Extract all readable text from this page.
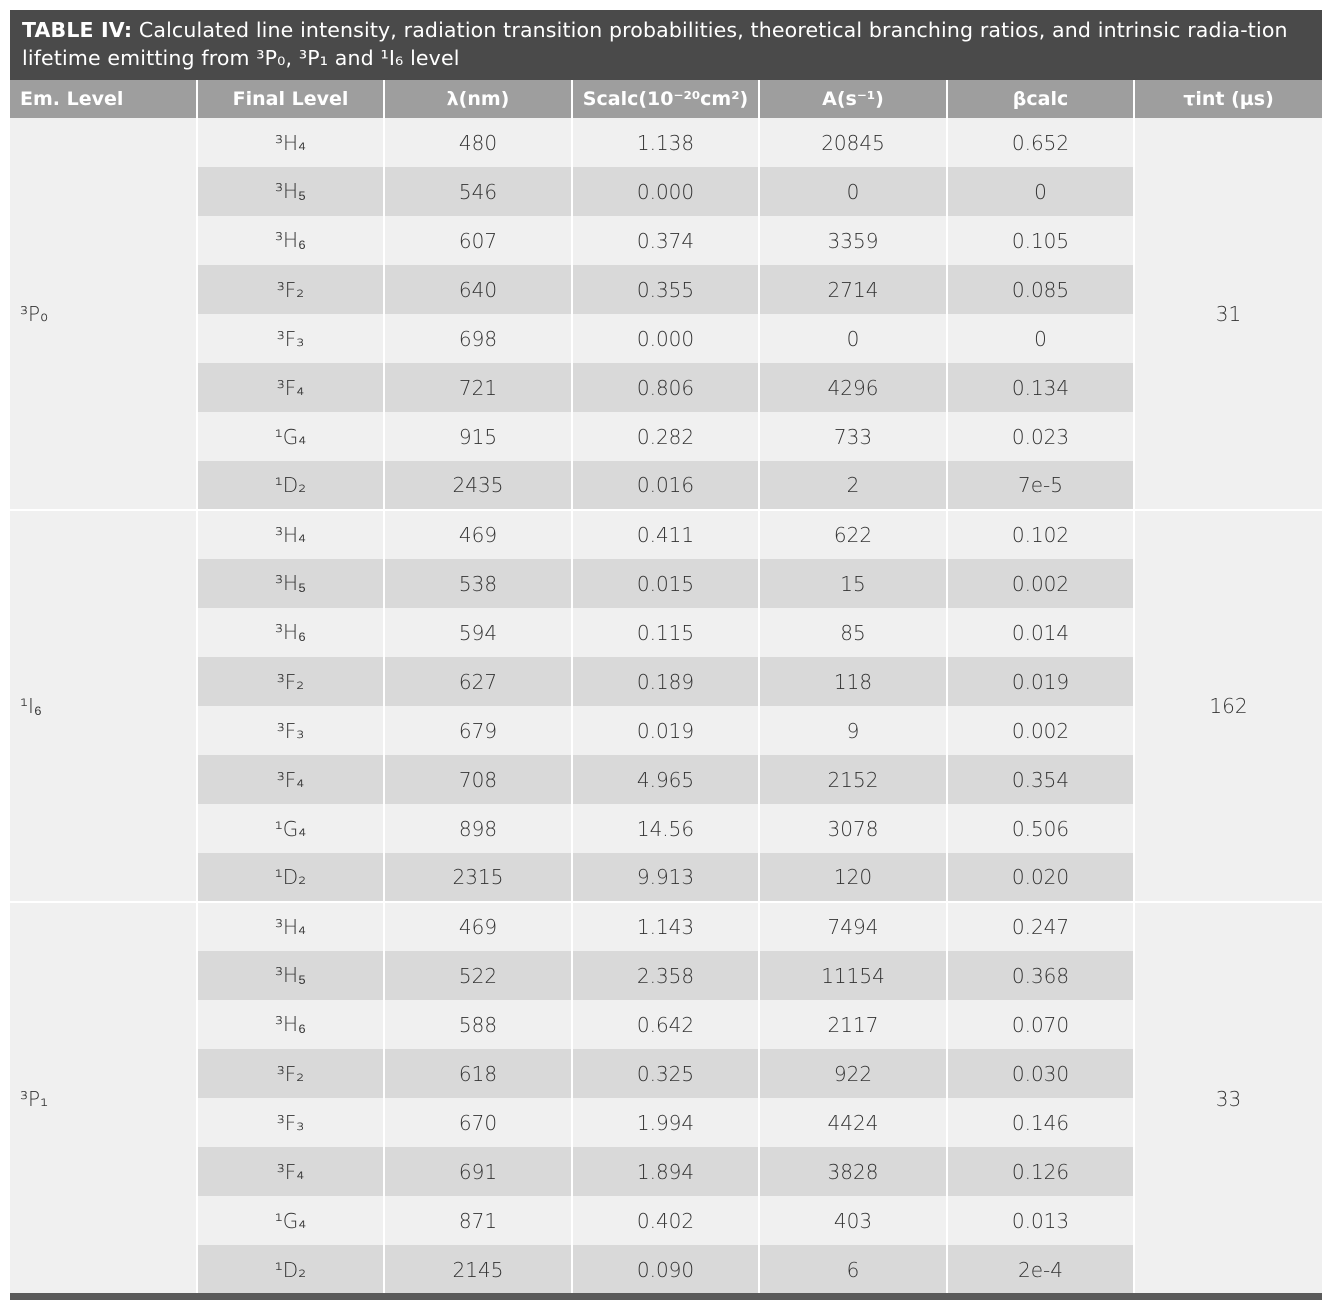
TABLE IV: Calculated line intensity, radiation transition probabilities, theoretical branching ratios, and intrinsic radia-tion lifetime emitting from ³P₀, ³P₁ and ¹I₆ level
Em. Level	Final Level	λ(nm)	Scalc(10⁻²⁰cm²)	A(s⁻¹)	βcalc	τint (µs)
³P₀	³H₄	480	1.138	20845	0.652	31
	³H₅	546	0.000	0	0	
	³H₆	607	0.374	3359	0.105	
	³F₂	640	0.355	2714	0.085	
	³F₃	698	0.000	0	0	
	³F₄	721	0.806	4296	0.134	
	¹G₄	915	0.282	733	0.023	
	¹D₂	2435	0.016	2	7e-5	
¹I₆	³H₄	469	0.411	622	0.102	162
	³H₅	538	0.015	15	0.002	
	³H₆	594	0.115	85	0.014	
	³F₂	627	0.189	118	0.019	
	³F₃	679	0.019	9	0.002	
	³F₄	708	4.965	2152	0.354	
	¹G₄	898	14.56	3078	0.506	
	¹D₂	2315	9.913	120	0.020	
³P₁	³H₄	469	1.143	7494	0.247	33
	³H₅	522	2.358	11154	0.368	
	³H₆	588	0.642	2117	0.070	
	³F₂	618	0.325	922	0.030	
	³F₃	670	1.994	4424	0.146	
	³F₄	691	1.894	3828	0.126	
	¹G₄	871	0.402	403	0.013	
	¹D₂	2145	0.090	6	2e-4	
